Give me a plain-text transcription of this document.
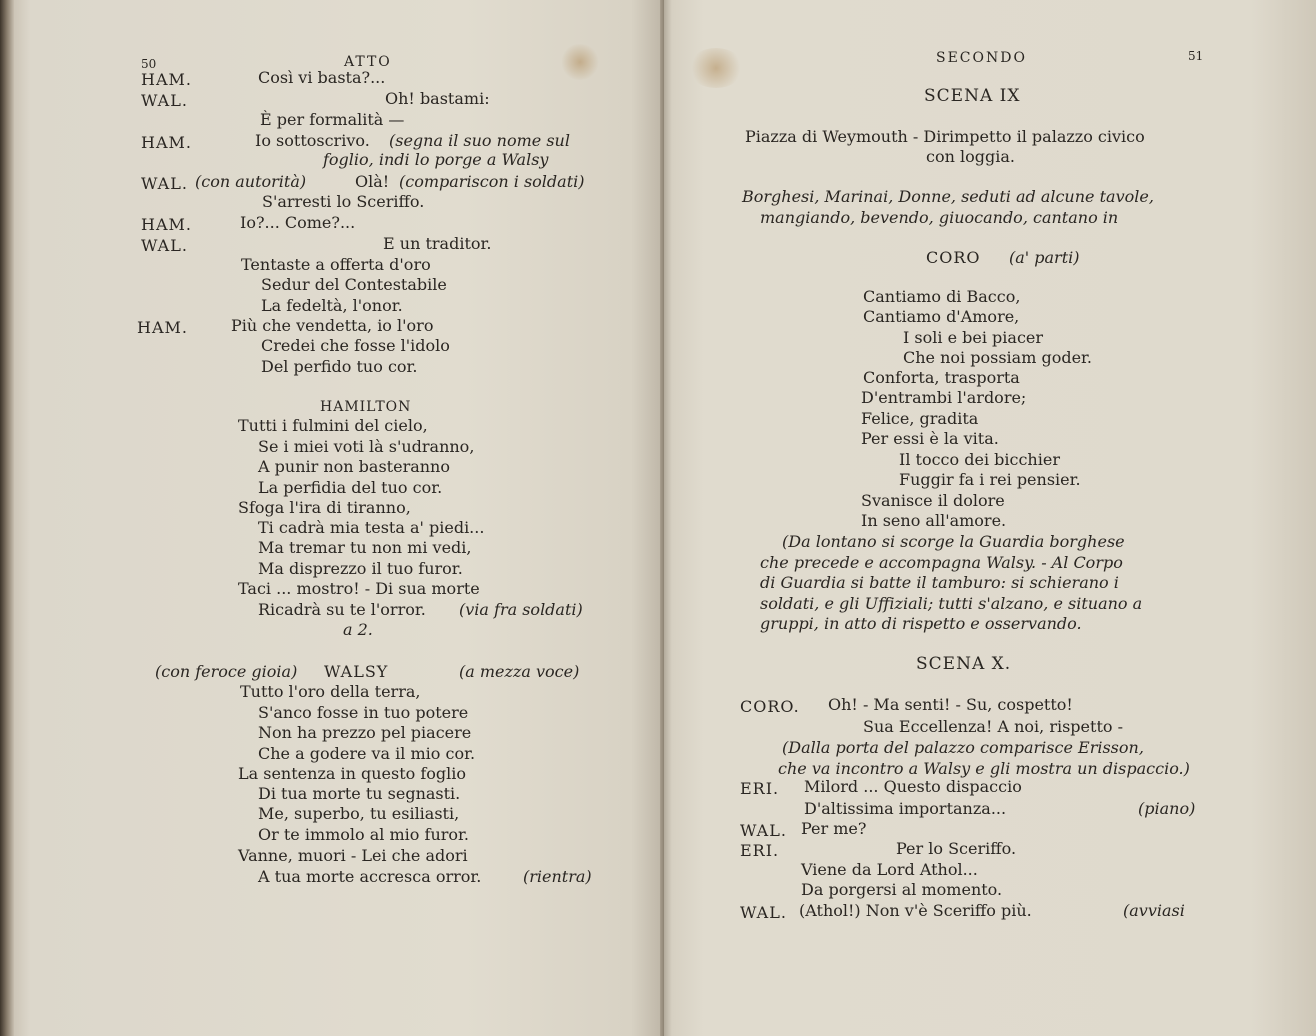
50	ATTO
HAM.	Così vi basta?...
WAL.	Oh! bastami:
È per formalità —
HAM.	Io sottoscrivo. (segna il suo nome sul
foglio, indi lo porge a Walsy
WAL. (con autorità)	Olà! (compariscon i soldati)
S'arresti lo Sceriffo.
HAM.	Io?... Come?...
WAL.	E un traditor.
Tentaste a offerta d'oro
Sedur del Contestabile
La fedeltà, l'onor.
HAM.	Più che vendetta, io l'oro
Credei che fosse l'idolo
Del perfido tuo cor.
HAMILTON
Tutti i fulmini del cielo,
Se i miei voti là s'udranno,
A punir non basteranno
La perfidia del tuo cor.
Sfoga l'ira di tiranno,
Ti cadrà mia testa a' piedi...
Ma tremar tu non mi vedi,
Ma disprezzo il tuo furor.
Taci ... mostro! - Di sua morte
Ricadrà su te l'orror. (via fra soldati)
a 2.
(con feroce gioia) WALSY	(a mezza voce)
Tutto l'oro della terra,
S'anco fosse in tuo potere
Non ha prezzo pel piacere
Che a godere va il mio cor.
La sentenza in questo foglio
Di tua morte tu segnasti.
Me, superbo, tu esiliasti,
Or te immolo al mio furor.
Vanne, muori - Lei che adori
A tua morte accresca orror.	(rientra)
SECONDO	51
SCENA IX
Piazza di Weymouth - Dirimpetto il palazzo civico
con loggia.
Borghesi, Marinai, Donne, seduti ad alcune tavole,
mangiando, bevendo, giuocando, cantano in
CORO (a' parti)
Cantiamo di Bacco,
Cantiamo d'Amore,
I soli e bei piacer
Che noi possiam goder.
Conforta, trasporta
D'entrambi l'ardore;
Felice, gradita
Per essi è la vita.
Il tocco dei bicchier
Fuggir fa i rei pensier.
Svanisce il dolore
In seno all'amore.
(Da lontano si scorge la Guardia borghese
che precede e accompagna Walsy. - Al Corpo
di Guardia si batte il tamburo: si schierano i
soldati, e gli Uffiziali; tutti s'alzano, e situano a
gruppi, in atto di rispetto e osservando.
SCENA X.
CORO. Oh! - Ma senti! - Su, cospetto!
Sua Eccellenza! A noi, rispetto -
(Dalla porta del palazzo comparisce Erisson,
che va incontro a Walsy e gli mostra un dispaccio.)
ERI. Milord ... Questo dispaccio
D'altissima importanza...	(piano)
WAL. Per me?
ERI.	Per lo Sceriffo.
Viene da Lord Athol...
Da porgersi al momento.
WAL. (Athol!) Non v'è Sceriffo più.	(avviasi
